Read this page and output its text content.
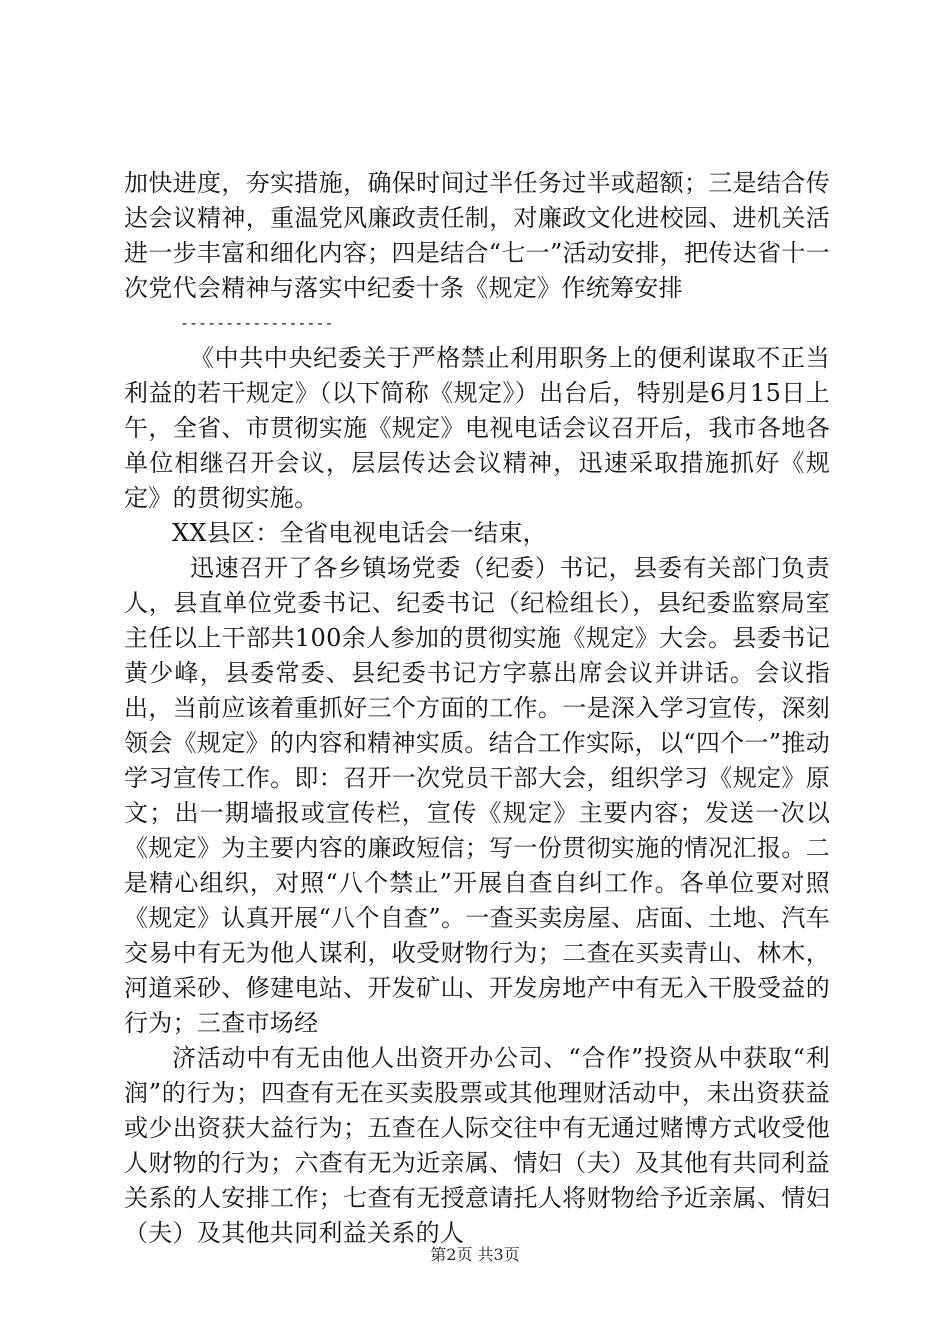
加快进度，夯实措施，确保时间过半任务过半或超额；三是结合传达会议精神，重温党风廉政责任制，对廉政文化进校园、进机关活进一步丰富和细化内容；四是结合“七一”活动安排，把传达省十一次党代会精神与落实中纪委十条《规定》作统筹安排

-----------------

《中共中央纪委关于严格禁止利用职务上的便利谋取不正当利益的若干规定》（以下简称《规定》）出台后，特别是6月15日上午，全省、市贯彻实施《规定》电视电话会议召开后，我市各地各单位相继召开会议，层层传达会议精神，迅速采取措施抓好《规定》的贯彻实施。

XX县区：全省电视电话会一结束，

迅速召开了各乡镇场党委（纪委）书记，县委有关部门负责人，县直单位党委书记、纪委书记（纪检组长），县纪委监察局室主任以上干部共100余人参加的贯彻实施《规定》大会。县委书记黄少峰，县委常委、县纪委书记方字慕出席会议并讲话。会议指出，当前应该着重抓好三个方面的工作。一是深入学习宣传，深刻领会《规定》的内容和精神实质。结合工作实际，以“四个一”推动学习宣传工作。即：召开一次党员干部大会，组织学习《规定》原文；出一期墙报或宣传栏，宣传《规定》主要内容；发送一次以《规定》为主要内容的廉政短信；写一份贯彻实施的情况汇报。二是精心组织，对照“八个禁止”开展自查自纠工作。各单位要对照《规定》认真开展“八个自查”。一查买卖房屋、店面、土地、汽车交易中有无为他人谋利，收受财物行为；二查在买卖青山、林木，河道采砂、修建电站、开发矿山、开发房地产中有无入干股受益的行为；三查市场经

济活动中有无由他人出资开办公司、“合作”投资从中获取“利润”的行为；四查有无在买卖股票或其他理财活动中，未出资获益或少出资获大益行为；五查在人际交往中有无通过赌博方式收受他人财物的行为；六查有无为近亲属、情妇（夫）及其他有共同利益关系的人安排工作；七查有无授意请托人将财物给予近亲属、情妇（夫）及其他共同利益关系的人

第2页 共3页
